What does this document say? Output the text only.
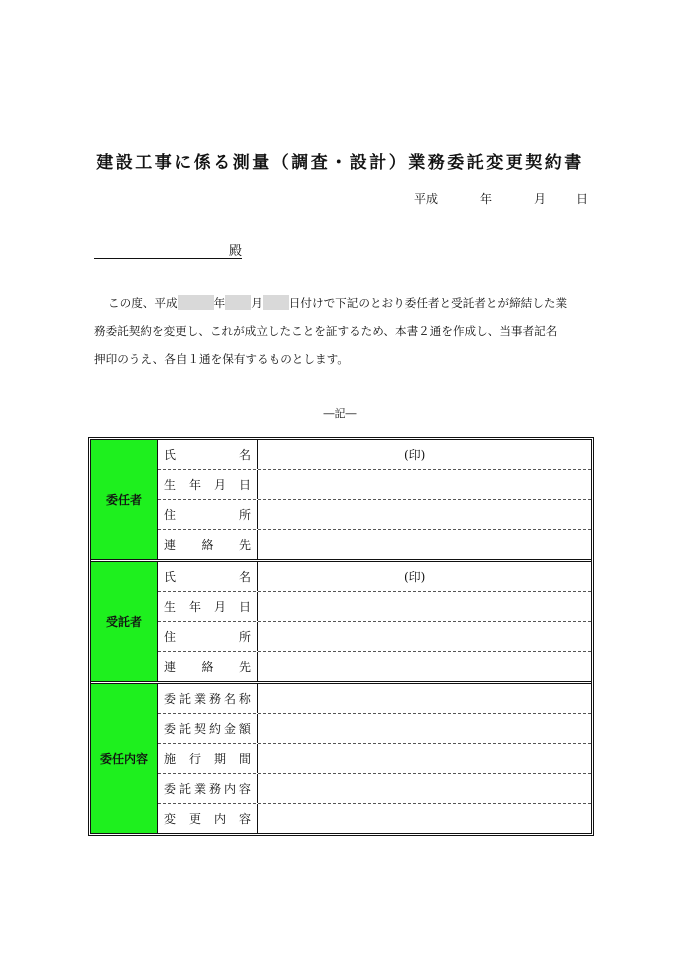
建設工事に係る測量（調査・設計）業務委託変更契約書
平成	年	月 日
殿

この度、平成	年 月 日付けで下記のとおり委任者と受託者とが締結した業

務委託契約を変更し、これが成立したことを証するため、本書２通を作成し、当事者記名

押印のうえ、各自１通を保有するものとします。

―記―
委任者
氏	名	(印)
生 年 月 日
住	所
連 絡 先
受託者
氏	名	(印)
生 年 月 日
住	所
連 絡 先
委任内容
委 託 業 務 名 称
委 託 契 約 金 額
施 行 期 間
委 託 業 務 内 容
変 更 内 容
